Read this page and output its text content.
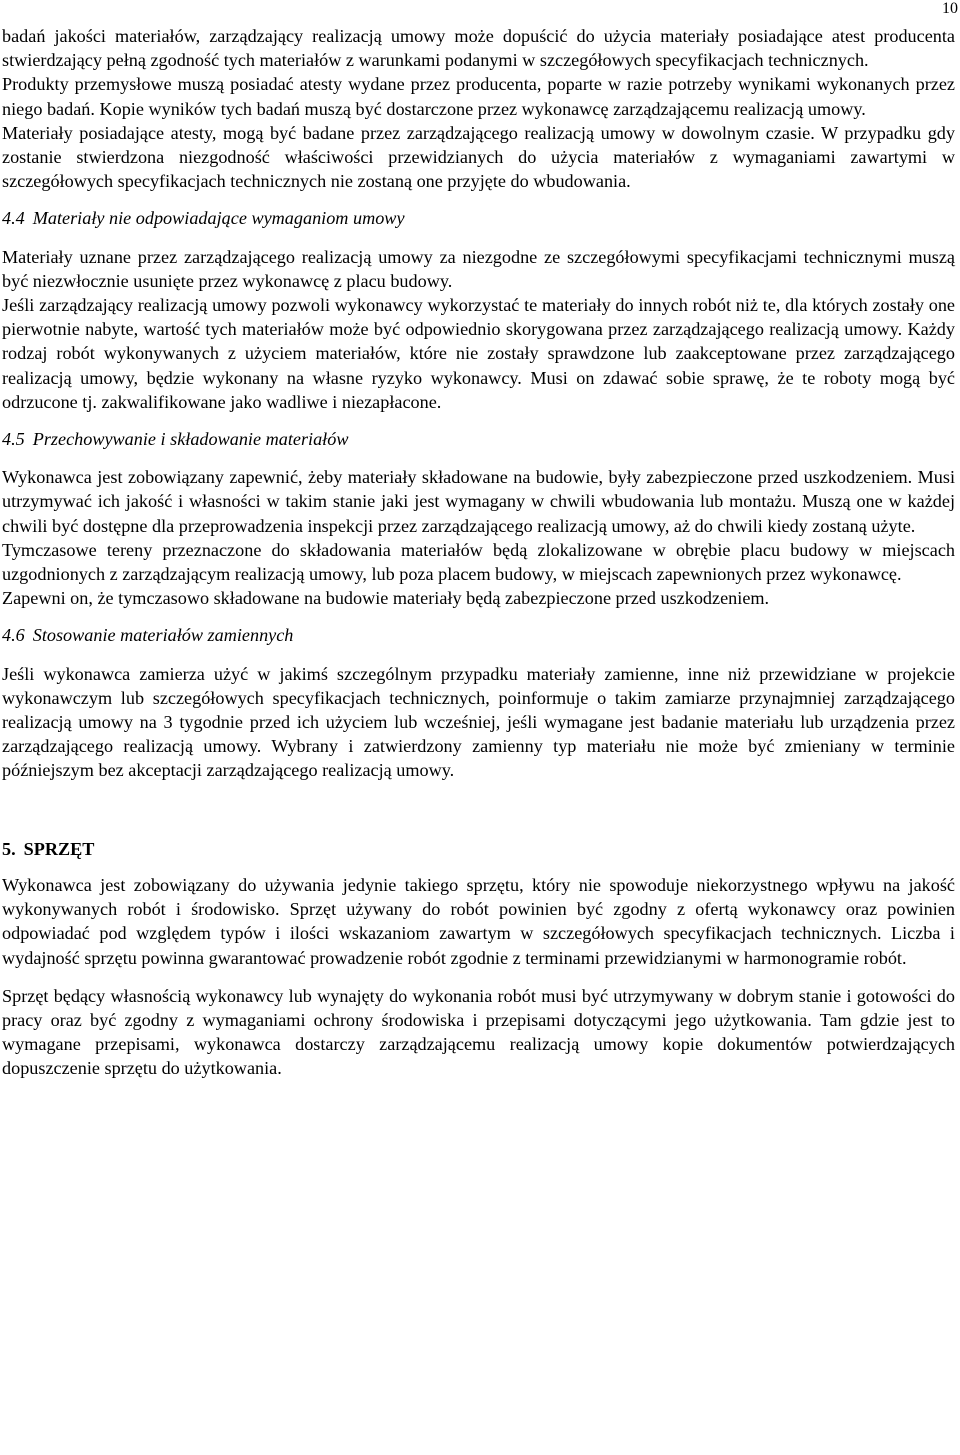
10

badań jakości materiałów, zarządzający realizacją umowy może dopuścić do użycia materiały posiadające atest producenta stwierdzający pełną zgodność tych materiałów z warunkami podanymi w szczegółowych specyfikacjach technicznych.

Produkty przemysłowe muszą posiadać atesty wydane przez producenta, poparte w razie potrzeby wynikami wykonanych przez niego badań. Kopie wyników tych badań muszą być dostarczone przez wykonawcę zarządzającemu realizacją umowy.

Materiały posiadające atesty, mogą być badane przez zarządzającego realizacją umowy w dowolnym czasie. W przypadku gdy zostanie stwierdzona niezgodność właściwości przewidzianych do użycia materiałów z wymaganiami zawartymi w szczegółowych specyfikacjach technicznych nie zostaną one przyjęte do wbudowania.

4.4 Materiały nie odpowiadające wymaganiom umowy

Materiały uznane przez zarządzającego realizacją umowy za niezgodne ze szczegółowymi specyfikacjami technicznymi muszą być niezwłocznie usunięte przez wykonawcę z placu budowy.

Jeśli zarządzający realizacją umowy pozwoli wykonawcy wykorzystać te materiały do innych robót niż te, dla których zostały one pierwotnie nabyte, wartość tych materiałów może być odpowiednio skorygowana przez zarządzającego realizacją umowy. Każdy rodzaj robót wykonywanych z użyciem materiałów, które nie zostały sprawdzone lub zaakceptowane przez zarządzającego realizacją umowy, będzie wykonany na własne ryzyko wykonawcy. Musi on zdawać sobie sprawę, że te roboty mogą być odrzucone tj. zakwalifikowane jako wadliwe i niezapłacone.

4.5 Przechowywanie i składowanie materiałów

Wykonawca jest zobowiązany zapewnić, żeby materiały składowane na budowie, były zabezpieczone przed uszkodzeniem. Musi utrzymywać ich jakość i własności w takim stanie jaki jest wymagany w chwili wbudowania lub montażu. Muszą one w każdej chwili być dostępne dla przeprowadzenia inspekcji przez zarządzającego realizacją umowy, aż do chwili kiedy zostaną użyte.

Tymczasowe tereny przeznaczone do składowania materiałów będą zlokalizowane w obrębie placu budowy w miejscach uzgodnionych z zarządzającym realizacją umowy, lub poza placem budowy, w miejscach zapewnionych przez wykonawcę.

Zapewni on, że tymczasowo składowane na budowie materiały będą zabezpieczone przed uszkodzeniem.

4.6 Stosowanie materiałów zamiennych

Jeśli wykonawca zamierza użyć w jakimś szczególnym przypadku materiały zamienne, inne niż przewidziane w projekcie wykonawczym lub szczegółowych specyfikacjach technicznych, poinformuje o takim zamiarze przynajmniej zarządzającego realizacją umowy na 3 tygodnie przed ich użyciem lub wcześniej, jeśli wymagane jest badanie materiału lub urządzenia przez zarządzającego realizacją umowy. Wybrany i zatwierdzony zamienny typ materiału nie może być zmieniany w terminie późniejszym bez akceptacji zarządzającego realizacją umowy.

5. SPRZĘT

Wykonawca jest zobowiązany do używania jedynie takiego sprzętu, który nie spowoduje niekorzystnego wpływu na jakość wykonywanych robót i środowisko. Sprzęt używany do robót powinien być zgodny z ofertą wykonawcy oraz powinien odpowiadać pod względem typów i ilości wskazaniom zawartym w szczegółowych specyfikacjach technicznych. Liczba i wydajność sprzętu powinna gwarantować prowadzenie robót zgodnie z terminami przewidzianymi w harmonogramie robót.

Sprzęt będący własnością wykonawcy lub wynajęty do wykonania robót musi być utrzymywany w dobrym stanie i gotowości do pracy oraz być zgodny z wymaganiami ochrony środowiska i przepisami dotyczącymi jego użytkowania. Tam gdzie jest to wymagane przepisami, wykonawca dostarczy zarządzającemu realizacją umowy kopie dokumentów potwierdzających dopuszczenie sprzętu do użytkowania.
